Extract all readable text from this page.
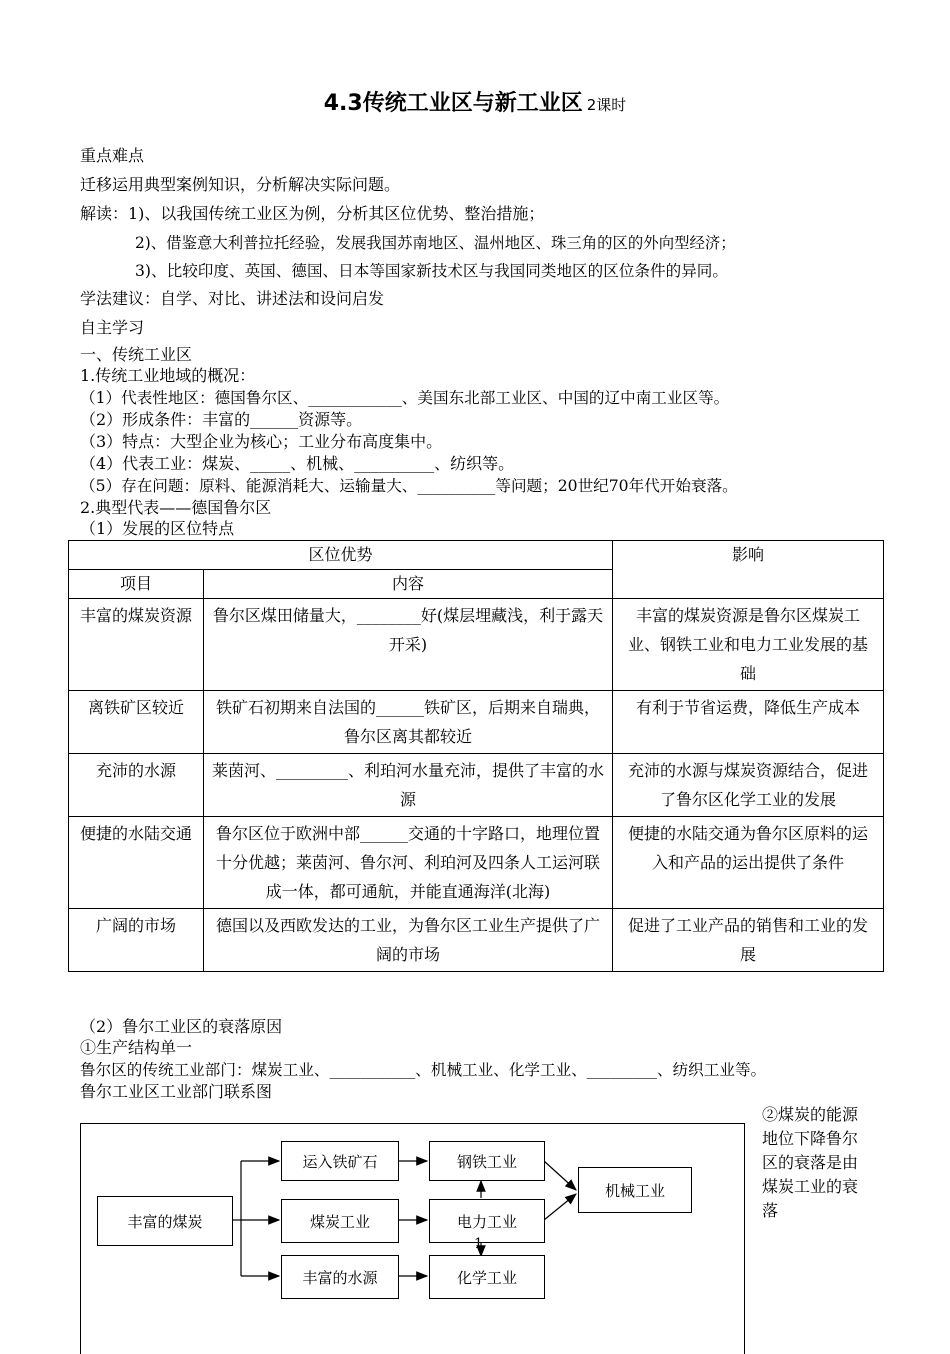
4.3传统工业区与新工业区 2课时
重点难点
迁移运用典型案例知识，分析解决实际问题。
解读：1)、以我国传统工业区为例，分析其区位优势、整治措施；
2)、借鉴意大利普拉托经验，发展我国苏南地区、温州地区、珠三角的区的外向型经济；
3)、比较印度、英国、德国、日本等国家新技术区与我国同类地区的区位条件的异同。
学法建议：自学、对比、讲述法和设问启发
自主学习
一、传统工业区
1.传统工业地域的概况：
（1）代表性地区：德国鲁尔区、____________、美国东北部工业区、中国的辽中南工业区等。
（2）形成条件：丰富的______资源等。
（3）特点：大型企业为核心；工业分布高度集中。
（4）代表工业：煤炭、_____、机械、__________、纺织等。
（5）存在问题：原料、能源消耗大、运输量大、__________等问题；20世纪70年代开始衰落。
2.典型代表——德国鲁尔区
（1）发展的区位特点
区位优势		影响
项目	内容	
丰富的煤炭资源	鲁尔区煤田储量大，________好(煤层埋藏浅，利于露天开采)	丰富的煤炭资源是鲁尔区煤炭工业、钢铁工业和电力工业发展的基础
离铁矿区较近	铁矿石初期来自法国的______铁矿区，后期来自瑞典，鲁尔区离其都较近	有利于节省运费，降低生产成本
充沛的水源	莱茵河、_________、利珀河水量充沛，提供了丰富的水源	充沛的水源与煤炭资源结合，促进了鲁尔区化学工业的发展
便捷的水陆交通	鲁尔区位于欧洲中部______交通的十字路口，地理位置十分优越；莱茵河、鲁尔河、利珀河及四条人工运河联成一体，都可通航，并能直通海洋(北海)	便捷的水陆交通为鲁尔区原料的运入和产品的运出提供了条件
广阔的市场	德国以及西欧发达的工业，为鲁尔区工业生产提供了广阔的市场	促进了工业产品的销售和工业的发展
（2）鲁尔工业区的衰落原因
①生产结构单一
鲁尔区的传统工业部门：煤炭工业、___________、机械工业、化学工业、_________、纺织工业等。
鲁尔工业区工业部门联系图
②煤炭的能源地位下降鲁尔区的衰落是由煤炭工业的衰落
丰富的煤炭
运入铁矿石
煤炭工业
丰富的水源
钢铁工业
电力工业
化学工业
机械工业
1
